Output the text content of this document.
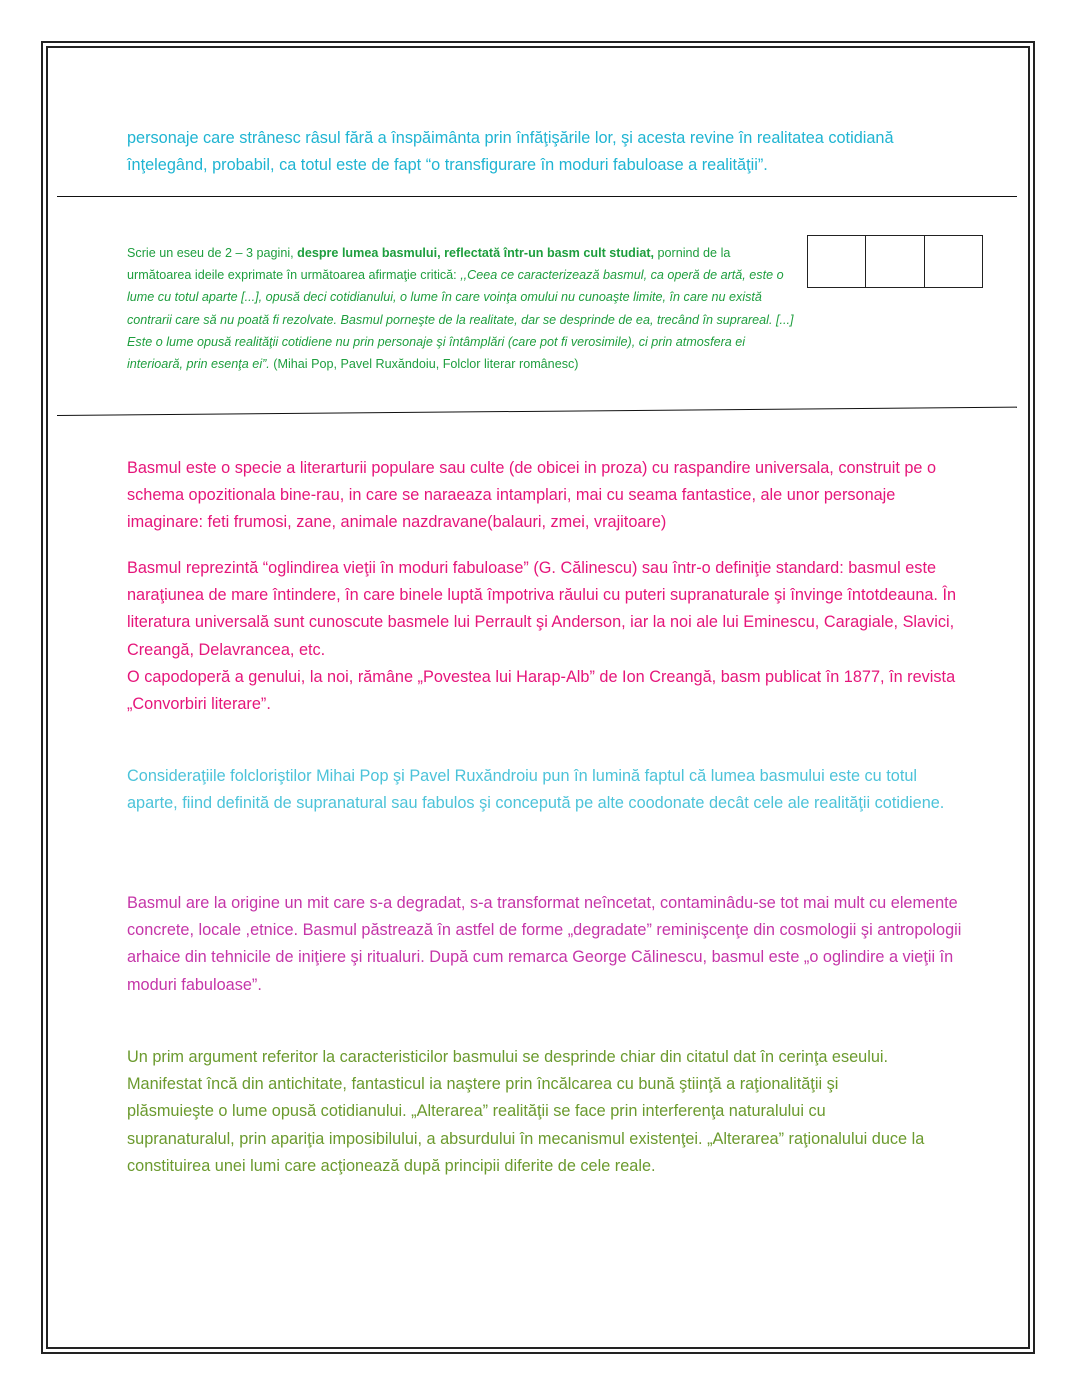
personaje care strânesc râsul fără a înspăimânta prin înfăţişările lor, şi acesta revine în realitatea cotidiană înţelegând, probabil, ca totul este de fapt “o transfigurare în moduri fabuloase a realităţii”.

Scrie un eseu de 2 – 3 pagini, despre lumea basmului, reflectată într-un basm cult studiat, pornind de la următoarea ideile exprimate în următoarea afirmaţie critică: ,,Ceea ce caracterizează basmul, ca operă de artă, este o lume cu totul aparte [...], opusă deci cotidianului, o lume în care voinţa omului nu cunoaşte limite, în care nu există contrarii care să nu poată fi rezolvate. Basmul porneşte de la realitate, dar se desprinde de ea, trecând în suprareal. [...] Este o lume opusă realităţii cotidiene nu prin personaje şi întâmplări (care pot fi verosimile), ci prin atmosfera ei interioară, prin esenţa ei”. (Mihai Pop, Pavel Ruxăndoiu, Folclor literar românesc)

Basmul este o specie a literarturii populare sau culte (de obicei in proza) cu raspandire universala, construit pe o schema opozitionala bine-rau, in care se naraeaza intamplari, mai cu seama fantastice, ale unor personaje imaginare: feti frumosi, zane, animale nazdravane(balauri, zmei, vrajitoare)

Basmul reprezintă “oglindirea vieţii în moduri fabuloase” (G. Călinescu) sau într-o definiţie standard: basmul este naraţiunea de mare întindere, în care binele luptă împotriva răului cu puteri supranaturale şi învinge întotdeauna. În literatura universală sunt cunoscute basmele lui Perrault şi Anderson, iar la noi ale lui Eminescu, Caragiale, Slavici, Creangă, Delavrancea, etc.

O capodoperă a genului, la noi, rămâne „Povestea lui Harap-Alb” de Ion Creangă, basm publicat în 1877, în revista „Convorbiri literare”.

Consideraţiile folcloriştilor Mihai Pop şi Pavel Ruxăndroiu pun în lumină faptul că lumea basmului este cu totul aparte, fiind definită de supranatural sau fabulos şi concepută pe alte coodonate decât cele ale realităţii cotidiene.

Basmul are la origine un mit care s-a degradat, s-a transformat neîncetat, contaminâdu-se tot mai mult cu elemente concrete, locale ,etnice. Basmul păstrează în astfel de forme „degradate” reminişcenţe din cosmologii şi antropologii arhaice din tehnicile de iniţiere şi ritualuri. După cum remarca George Călinescu, basmul este „o oglindire a vieţii în moduri fabuloase”.

Un prim argument referitor la caracteristicilor basmului se desprinde chiar din citatul dat în cerinţa eseului. Manifestat încă din antichitate, fantasticul ia naştere prin încălcarea cu bună ştiinţă a raţionalităţii şi plăsmuieşte o lume opusă cotidianului. „Alterarea” realităţii se face prin interferenţa naturalului cu supranaturalul, prin apariţia imposibilului, a absurdului în mecanismul existenţei. „Alterarea” raţionalului duce la constituirea unei lumi care acţionează după principii diferite de cele reale.
